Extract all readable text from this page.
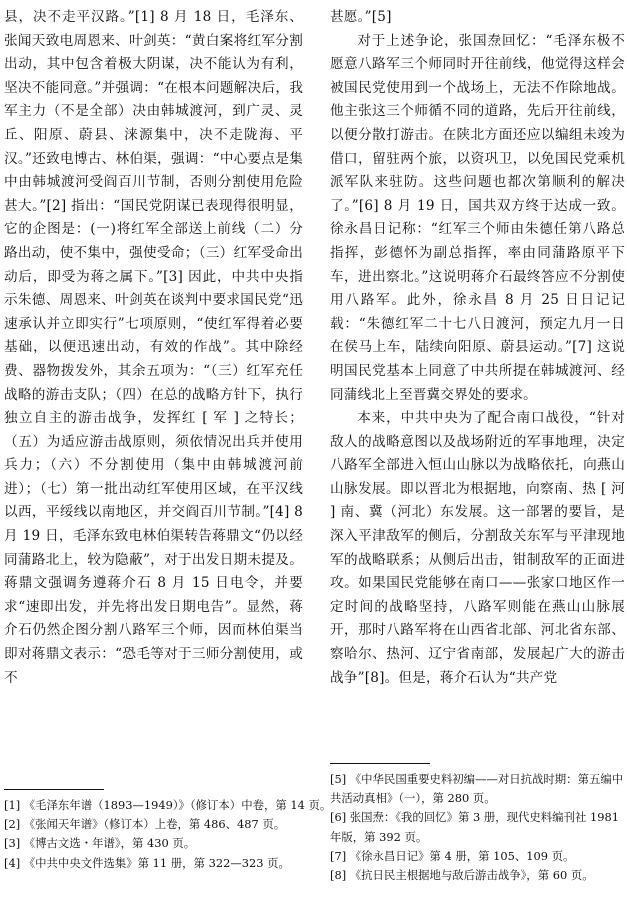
县，决不走平汉路。”[1] 8 月 18 日，毛泽东、张闻天致电周恩来、叶剑英：“黄白案将红军分割出动，其中包含着极大阴谋，决不能认为有利，坚决不能同意。”并强调：“在根本问题解决后，我军主力（不是全部）决由韩城渡河，到广灵、灵丘、阳原、蔚县、涞源集中，决不走陇海、平汉。”还致电博古、林伯渠，强调：“中心要点是集中由韩城渡河受阎百川节制，否则分割使用危险甚大。”[2] 指出：“国民党阴谋已表现得很明显，它的企图是：(一)将红军全部送上前线（二）分路出动，使不集中，强使受命；（三）红军受命出动后，即受为蒋之属下。”[3] 因此，中共中央指示朱德、周恩来、叶剑英在谈判中要求国民党“迅速承认并立即实行”七项原则，“使红军得着必要基础，以便迅速出动，有效的作战”。其中除经费、器物拨发外，其余五项为：“（三）红军充任战略的游击支队；（四）在总的战略方针下，执行独立自主的游击战争，发挥红 [ 军 ] 之特长；（五）为适应游击战原则，须依情况出兵并使用兵力；（六）不分割使用（集中由韩城渡河前进）；（七）第一批出动红军使用区域，在平汉线以西，平绥线以南地区，并交阎百川节制。”[4] 8 月 19 日，毛泽东致电林伯渠转告蒋鼎文“仍以经同蒲路北上，较为隐蔽”，对于出发日期未提及。蒋鼎文强调务遵蒋介石 8 月 15 日电令，并要求“速即出发，并先将出发日期电告”。显然，蒋介石仍然企图分割八路军三个师，因而林伯渠当即对蒋鼎文表示：“恐毛等对于三师分割使用，或不

甚愿。”[5]

对于上述争论，张国焘回忆：“毛泽东极不愿意八路军三个师同时开往前线，他觉得这样会被国民党使用到一个战场上，无法不作除地战。他主张这三个师循不同的道路，先后开往前线，以便分散打游击。在陕北方面还应以编组未竣为借口，留驻两个旅，以资巩卫，以免国民党乘机派军队来驻防。这些问题也都次第顺利的解决了。”[6] 8 月 19 日，国共双方终于达成一致。徐永昌日记称：“红军三个师由朱德任第八路总指挥，彭德怀为副总指挥，率由同蒲路原平下车，进出察北。”这说明蒋介石最终答应不分割使用八路军。此外，徐永昌 8 月 25 日日记记载：“朱德红军二十七八日渡河，预定九月一日在侯马上车，陆续向阳原、蔚县运动。”[7] 这说明国民党基本上同意了中共所提在韩城渡河、经同蒲线北上至晋冀交界处的要求。

本来，中共中央为了配合南口战役，“针对敌人的战略意图以及战场附近的军事地理，决定八路军全部进入恒山山脉以为战略依托，向燕山山脉发展。即以晋北为根据地，向察南、热 [ 河 ] 南、冀（河北）东发展。这一部署的要旨，是深入平津敌军的侧后，分割敌关东军与平津现地军的战略联系；从侧后出击，钳制敌军的正面进攻。如果国民党能够在南口——张家口地区作一定时间的战略坚持，八路军则能在燕山山脉展开，那时八路军将在山西省北部、河北省东部、察哈尔、热河、辽宁省南部，发展起广大的游击战争”[8]。但是，蒋介石认为“共产党

[1] 《毛泽东年谱（1893—1949）》（修订本）中卷，第 14 页。
[2] 《张闻天年谱》（修订本）上卷，第 486、487 页。
[3] 《博古文选・年谱》，第 430 页。
[4] 《中共中央文件选集》第 11 册，第 322—323 页。
[5] 《中华民国重要史料初编——对日抗战时期：第五编中共活动真相》（一），第 280 页。
[6] 张国焘：《我的回忆》第 3 册，现代史料编刊社 1981 年版，第 392 页。
[7] 《徐永昌日记》第 4 册，第 105、109 页。
[8] 《抗日民主根据地与敌后游击战争》，第 60 页。
